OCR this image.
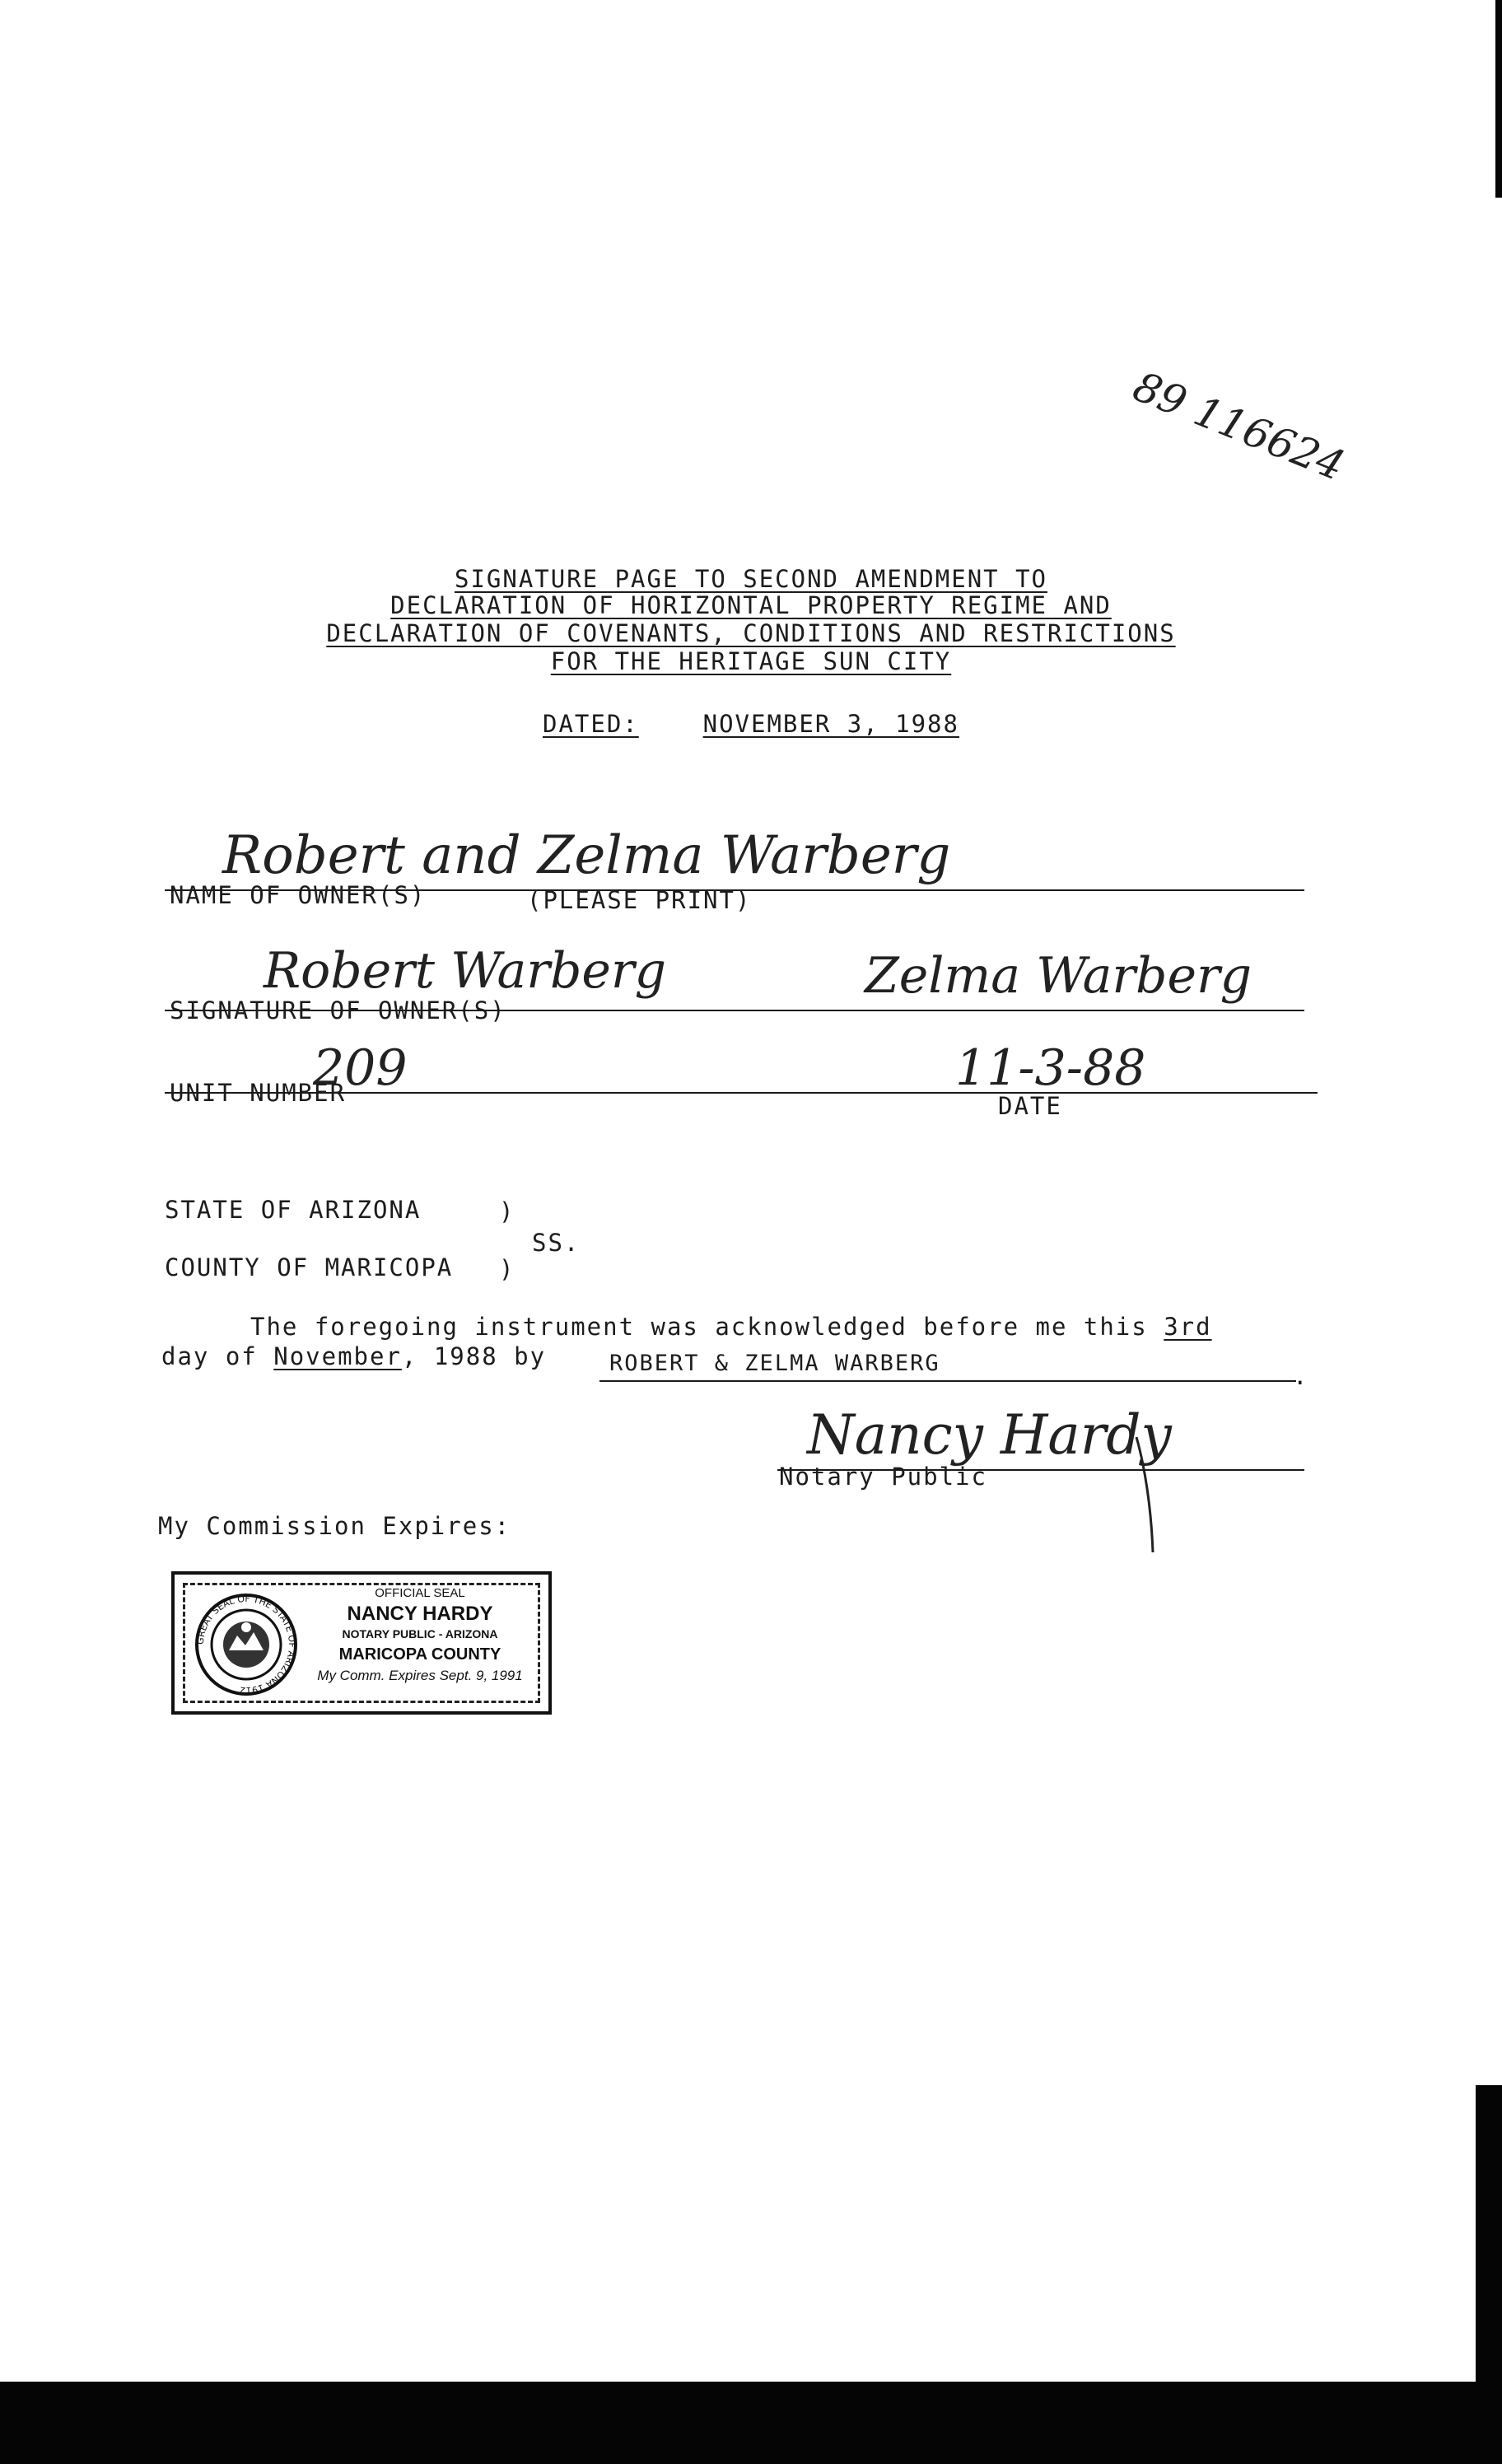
89 116624
SIGNATURE PAGE TO SECOND AMENDMENT TO
DECLARATION OF HORIZONTAL PROPERTY REGIME AND
DECLARATION OF COVENANTS, CONDITIONS AND RESTRICTIONS
FOR THE HERITAGE SUN CITY
DATED:	NOVEMBER 3, 1988
Robert and Zelma Warberg
NAME OF OWNER(S)	(PLEASE PRINT)
Robert Warberg	Zelma Warberg
SIGNATURE OF OWNER(S)
209	11-3-88
UNIT NUMBER	DATE
STATE OF ARIZONA	)
SS.
COUNTY OF MARICOPA )
The foregoing instrument was acknowledged before me this 3rd
day of November, 1988 by	ROBERT & ZELMA WARBERG	.
Nancy Hardy
Notary Public
My Commission Expires:
GREAT SEAL OF THE STATE OF ARIZONA 1912
OFFICIAL SEAL
NANCY HARDY
NOTARY PUBLIC - ARIZONA
MARICOPA COUNTY
My Comm. Expires Sept. 9, 1991
